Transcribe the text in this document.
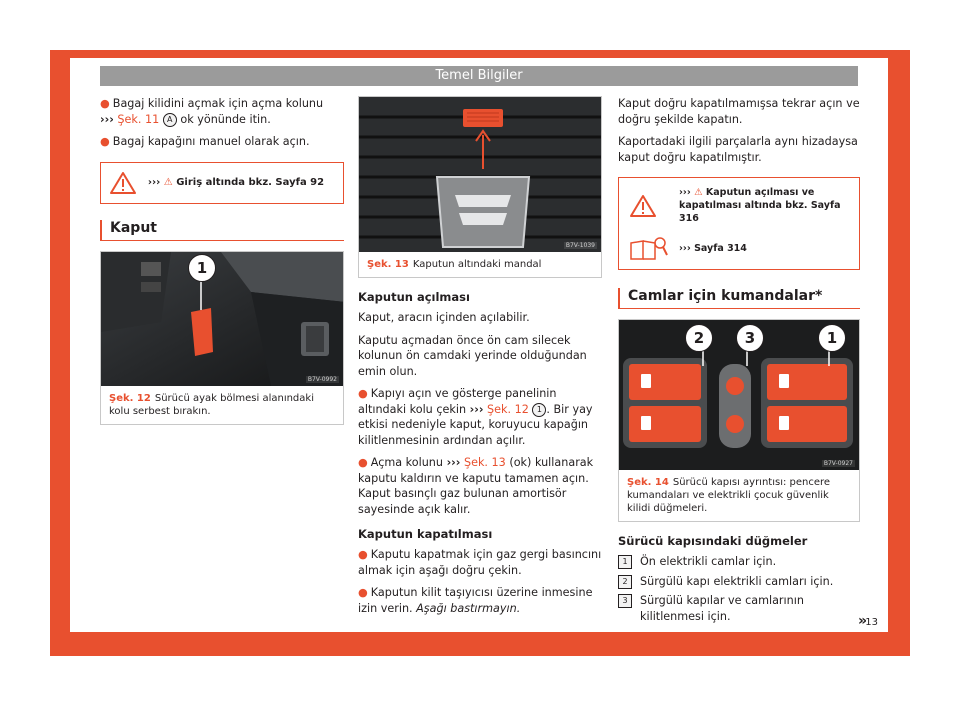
Temel Bilgiler

● Bagaj kilidini açmak için açma kolunu
››› Şek. 11 A ok yönünde itin.

● Bagaj kapağını manuel olarak açın.

››› ⚠ Giriş altında bkz. Sayfa 92
Kaput
1
B7V-0992
Şek. 12 Sürücü ayak bölmesi alanındaki kolu serbest bırakın.
B7V-1039
Şek. 13 Kaputun altındaki mandal
Kaputun açılması

Kaput, aracın içinden açılabilir.

Kaputu açmadan önce ön cam silecek kolunun ön camdaki yerinde olduğundan emin olun.

● Kapıyı açın ve gösterge panelinin altındaki kolu çekin ››› Şek. 12 1 . Bir yay etkisi nedeniyle kaput, koruyucu kapağın kilitlenmesinin ardından açılır.

● Açma kolunu ››› Şek. 13 (ok) kullanarak kaputu kaldırın ve kaputu tamamen açın. Kaput basınçlı gaz bulunan amortisör sayesinde açık kalır.

Kaputun kapatılması

● Kaputu kapatmak için gaz gergi basıncını almak için aşağı doğru çekin.

● Kaputun kilit taşıyıcısı üzerine inmesine izin verin. Aşağı bastırmayın.

Kaput doğru kapatılmamışsa tekrar açın ve doğru şekilde kapatın.

Kaportadaki ilgili parçalarla aynı hizadaysa kaput doğru kapatılmıştır.

››› ⚠ Kaputun açılması ve kapatılması altında bkz. Sayfa 316
››› Sayfa 314
Camlar için kumandalar*
2	3	1
B7V-0927
Şek. 14 Sürücü kapısı ayrıntısı: pencere kumandaları ve elektrikli çocuk güvenlik kilidi düğmeleri.
Sürücü kapısındaki düğmeler
1	Ön elektrikli camlar için.
2	Sürgülü kapı elektrikli camları için.
3	Sürgülü kapılar ve camlarının kilitlenmesi için.	»
13
